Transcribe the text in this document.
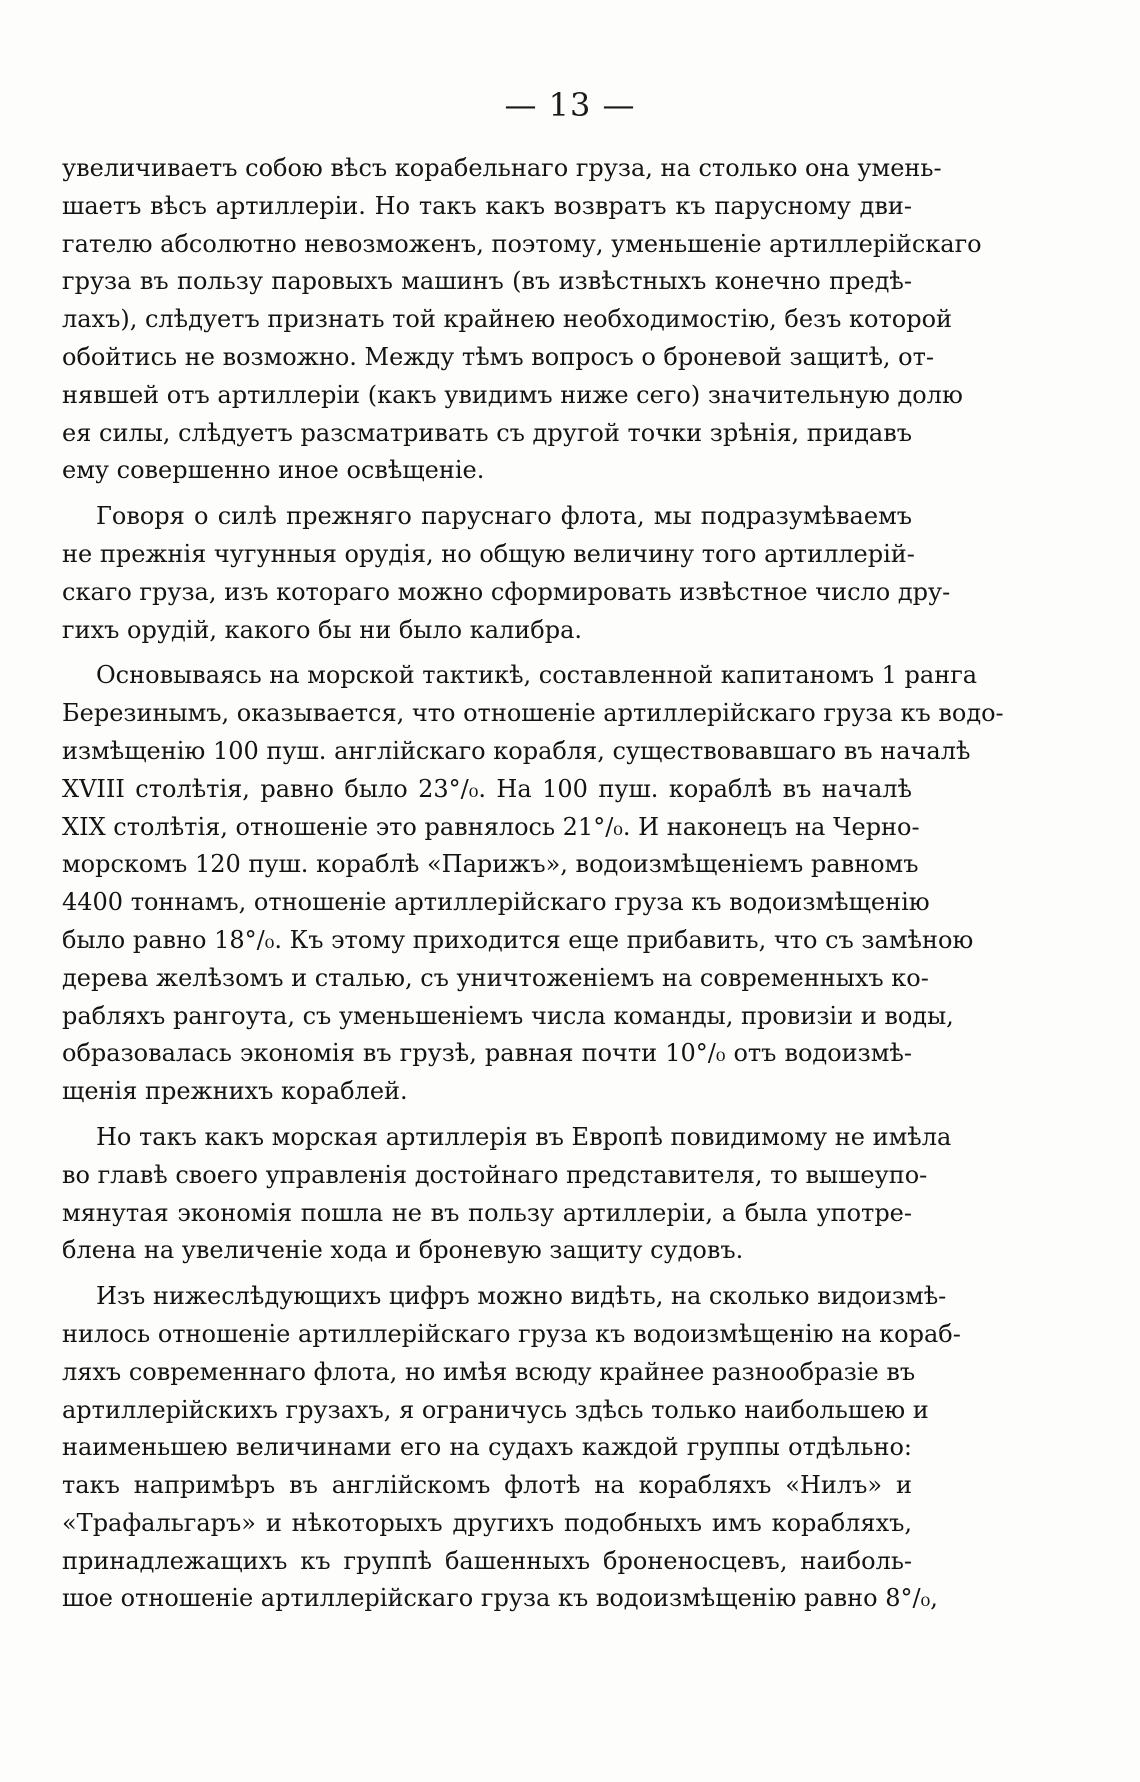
— 13 —
увеличиваетъ собою вѣсъ корабельнаго груза, на столько она умень-
шаетъ вѣсъ артиллеріи. Но такъ какъ возвратъ къ парусному дви-
гателю абсолютно невозможенъ, поэтому, уменьшеніе артиллерійскаго
груза въ пользу паровыхъ машинъ (въ извѣстныхъ конечно предѣ-
лахъ), слѣдуетъ признать той крайнею необходимостію, безъ которой
обойтись не возможно. Между тѣмъ вопросъ о броневой защитѣ, от-
нявшей отъ артиллеріи (какъ увидимъ ниже сего) значительную долю
ея силы, слѣдуетъ разсматривать съ другой точки зрѣнія, придавъ
ему совершенно иное освѣщеніе.
Говоря о силѣ прежняго паруснаго флота, мы подразумѣваемъ
не прежнія чугунныя орудія, но общую величину того артиллерій-
скаго груза, изъ котораго можно сформировать извѣстное число дру-
гихъ орудій, какого бы ни было калибра.
Основываясь на морской тактикѣ, составленной капитаномъ 1 ранга
Березинымъ, оказывается, что отношеніе артиллерійскаго груза къ водо-
измѣщенію 100 пуш. англійскаго корабля, существовавшаго въ началѣ
XVIII столѣтія, равно было 23°/₀. На 100 пуш. кораблѣ въ началѣ
XIX столѣтія, отношеніе это равнялось 21°/₀. И наконецъ на Черно-
морскомъ 120 пуш. кораблѣ «Парижъ», водоизмѣщеніемъ равномъ
4400 тоннамъ, отношеніе артиллерійскаго груза къ водоизмѣщенію
было равно 18°/₀. Къ этому приходится еще прибавить, что съ замѣною
дерева желѣзомъ и сталью, съ уничтоженіемъ на современныхъ ко-
рабляхъ рангоута, съ уменьшеніемъ числа команды, провизіи и воды,
образовалась экономія въ грузѣ, равная почти 10°/₀ отъ водоизмѣ-
щенія прежнихъ кораблей.
Но такъ какъ морская артиллерія въ Европѣ повидимому не имѣла
во главѣ своего управленія достойнаго представителя, то вышеупо-
мянутая экономія пошла не въ пользу артиллеріи, а была употре-
блена на увеличеніе хода и броневую защиту судовъ.
Изъ нижеслѣдующихъ цифръ можно видѣть, на сколько видоизмѣ-
нилось отношеніе артиллерійскаго груза къ водоизмѣщенію на кораб-
ляхъ современнаго флота, но имѣя всюду крайнее разнообразіе въ
артиллерійскихъ грузахъ, я ограничусь здѣсь только наибольшею и
наименьшею величинами его на судахъ каждой группы отдѣльно:
такъ напримѣръ въ англійскомъ флотѣ на корабляхъ «Нилъ» и
«Трафальгаръ» и нѣкоторыхъ другихъ подобныхъ имъ корабляхъ,
принадлежащихъ къ группѣ башенныхъ броненосцевъ, наиболь-
шое отношеніе артиллерійскаго груза къ водоизмѣщенію равно 8°/₀,
